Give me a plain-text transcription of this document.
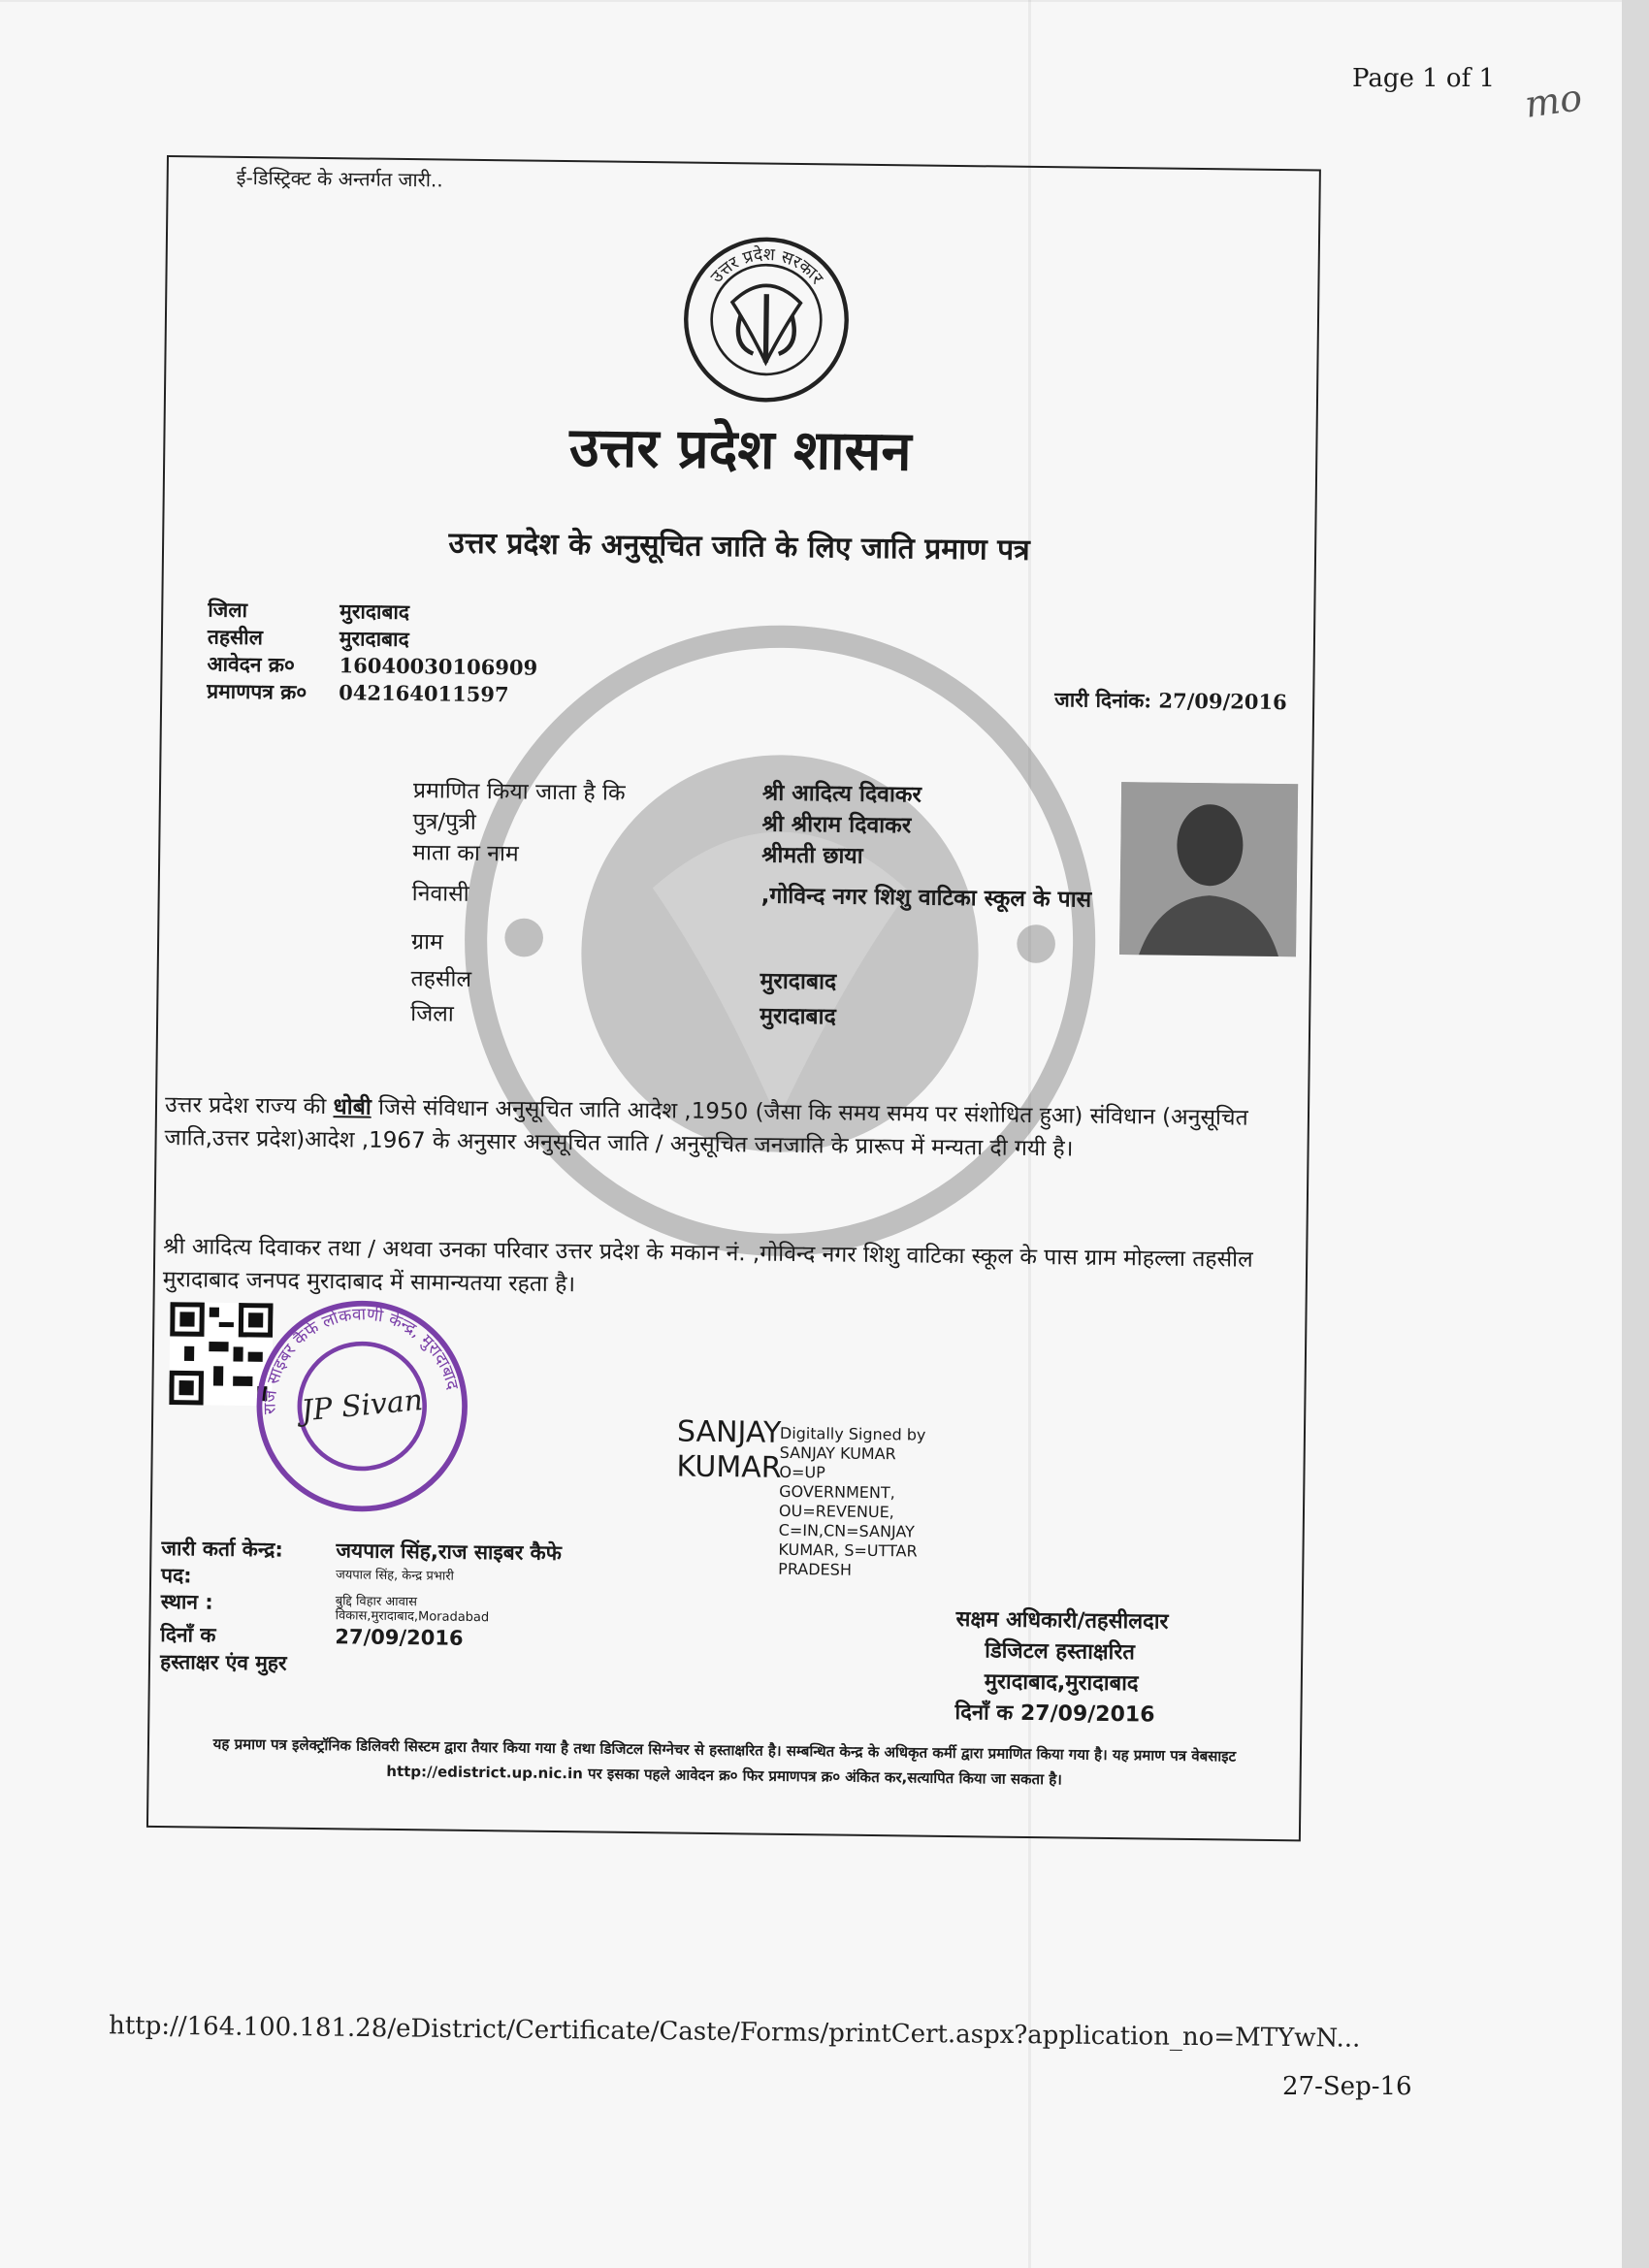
Page 1 of 1 mo
ई-डिस्ट्रिक्ट के अन्तर्गत जारी..
उत्तर प्रदेश सरकार
उत्तर प्रदेश शासन
उत्तर प्रदेश के अनुसूचित जाति के लिए जाति प्रमाण पत्र
जिला	मुरादाबाद
तहसील	मुरादाबाद
आवेदन क्र०	16040030106909
प्रमाणपत्र क्र०	042164011597	जारी दिनांक: 27/09/2016
प्रमाणित किया जाता है कि	श्री आदित्य दिवाकर
पुत्र/पुत्री	श्री श्रीराम दिवाकर
माता का नाम	श्रीमती छाया
निवासी	,गोविन्द नगर शिशु वाटिका स्कूल के पास
ग्राम
तहसील	मुरादाबाद
जिला	मुरादाबाद
उत्तर प्रदेश राज्य की धोबी जिसे संविधान अनुसूचित जाति आदेश ,1950 (जैसा कि समय समय पर संशोधित हुआ) संविधान (अनुसूचित जाति,उत्तर प्रदेश)आदेश ,1967 के अनुसार अनुसूचित जाति / अनुसूचित जनजाति के प्रारूप में मन्यता दी गयी है।
श्री आदित्य दिवाकर तथा / अथवा उनका परिवार उत्तर प्रदेश के मकान नं. ,गोविन्द नगर शिशु वाटिका स्कूल के पास ग्राम मोहल्ला तहसील मुरादाबाद जनपद मुरादाबाद में सामान्यतया रहता है।
राज साइबर कैफे लोकवाणी केन्द्र, मुरादाबाद
JP Sivan
SANJAY
KUMAR
Digitally Signed by SANJAY KUMAR O=UP GOVERNMENT, OU=REVENUE, C=IN,CN=SANJAY KUMAR, S=UTTAR PRADESH
जारी कर्ता केन्द्र:	जयपाल सिंह,राज साइबर कैफे
पद:	जयपाल सिंह, केन्द्र प्रभारी
स्थान :	बुद्दि विहार आवास
विकास,मुरादाबाद,Moradabad
दिनाँ क	27/09/2016
हस्ताक्षर एंव मुहर
सक्षम अधिकारी/तहसीलदार
डिजिटल हस्ताक्षरित
मुरादाबाद,मुरादाबाद
दिनाँ क 27/09/2016
यह प्रमाण पत्र इलेक्ट्रॉनिक डिलिवरी सिस्टम द्वारा तैयार किया गया है तथा डिजिटल सिग्नेचर से हस्ताक्षरित है। सम्बन्धित केन्द्र के अधिकृत कर्मी द्वारा प्रमाणित किया गया है। यह प्रमाण पत्र वेबसाइट http://edistrict.up.nic.in पर इसका पहले आवेदन क्र० फिर प्रमाणपत्र क्र० अंकित कर,सत्यापित किया जा सकता है।
http://164.100.181.28/eDistrict/Certificate/Caste/Forms/printCert.aspx?application_no=MTYwN...
27-Sep-16
